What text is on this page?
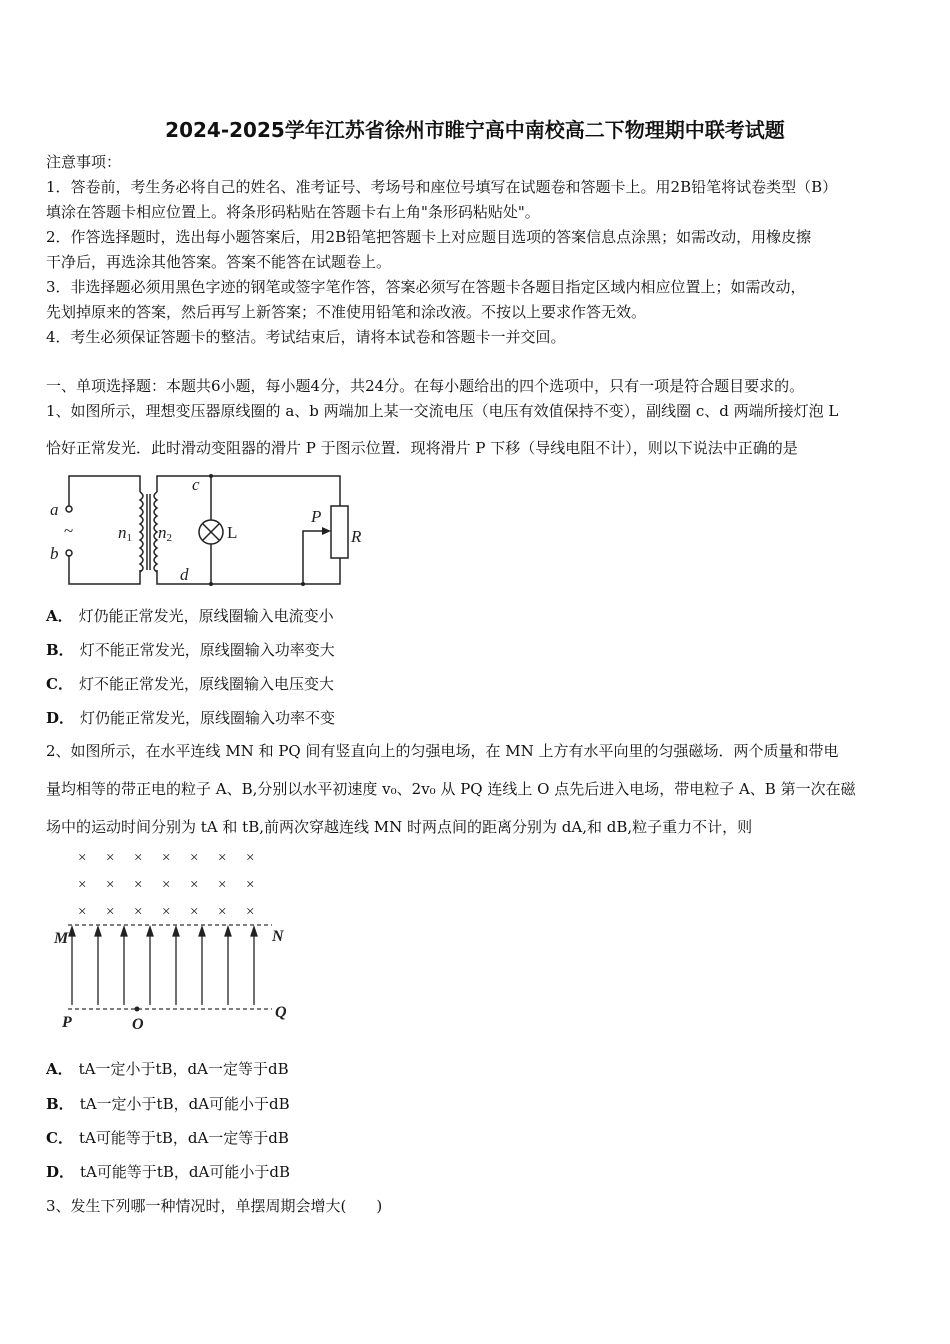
2024-2025学年江苏省徐州市睢宁高中南校高二下物理期中联考试题
注意事项：
1．答卷前，考生务必将自己的姓名、准考证号、考场号和座位号填写在试题卷和答题卡上。用2B铅笔将试卷类型（B）
填涂在答题卡相应位置上。将条形码粘贴在答题卡右上角"条形码粘贴处"。
2．作答选择题时，选出每小题答案后，用2B铅笔把答题卡上对应题目选项的答案信息点涂黑；如需改动，用橡皮擦
干净后，再选涂其他答案。答案不能答在试题卷上。
3．非选择题必须用黑色字迹的钢笔或签字笔作答，答案必须写在答题卡各题目指定区域内相应位置上；如需改动，
先划掉原来的答案，然后再写上新答案；不准使用铅笔和涂改液。不按以上要求作答无效。
4．考生必须保证答题卡的整洁。考试结束后，请将本试卷和答题卡一并交回。
一、单项选择题：本题共6小题，每小题4分，共24分。在每小题给出的四个选项中，只有一项是符合题目要求的。
1、如图所示，理想变压器原线圈的 a、b 两端加上某一交流电压（电压有效值保持不变），副线圈 c、d 两端所接灯泡 L
恰好正常发光．此时滑动变阻器的滑片 P 于图示位置．现将滑片 P 下移（导线电阻不计），则以下说法中正确的是
a
b
~	n1 n2
c
d
L
P
R
A． 灯仍能正常发光，原线圈输入电流变小
B． 灯不能正常发光，原线圈输入功率变大
C． 灯不能正常发光，原线圈输入电压变大
D． 灯仍能正常发光，原线圈输入功率不变
2、如图所示，在水平连线 MN 和 PQ 间有竖直向上的匀强电场，在 MN 上方有水平向里的匀强磁场．两个质量和带电
量均相等的带正电的粒子 A、B,分别以水平初速度 v₀、2v₀ 从 PQ 连线上 O 点先后进入电场，带电粒子 A、B 第一次在磁
场中的运动时间分别为 tA 和 tB,前两次穿越连线 MN 时两点间的距离分别为 dA,和 dB,粒子重力不计，则
× × × × × × ×
× × × × × × ×
× × × × × × ×
M	N
P
Q
O
A． tA一定小于tB，dA一定等于dB
B． tA一定小于tB，dA可能小于dB
C． tA可能等于tB，dA一定等于dB
D． tA可能等于tB，dA可能小于dB
3、发生下列哪一种情况时，单摆周期会增大(　　)
